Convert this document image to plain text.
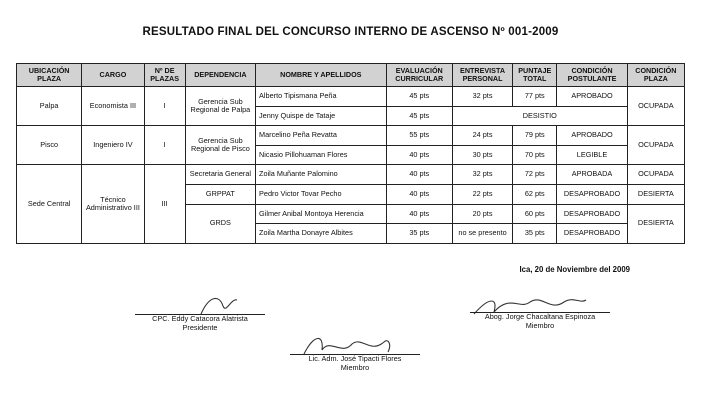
RESULTADO FINAL DEL CONCURSO INTERNO DE ASCENSO Nº 001-2009
UBICACIÓN PLAZA	CARGO	Nº DE PLAZAS	DEPENDENCIA	NOMBRE Y APELLIDOS	EVALUACIÓN CURRICULAR	ENTREVISTA PERSONAL	PUNTAJE TOTAL	CONDICIÓN POSTULANTE	CONDICIÓN PLAZA
Palpa	Economista III	I	Gerencia Sub Regional de Palpa	Alberto Tipismana Peña	45 pts	32 pts	77 pts	APROBADO	OCUPADA
				Jenny Quispe de Tataje	45 pts	DESISTIO			
Pisco	Ingeniero IV	I	Gerencia Sub Regional de Pisco	Marcelino Peña Revatta	55 pts	24 pts	79 pts	APROBADO	OCUPADA
				Nicasio Pillohuaman Flores	40 pts	30 pts	70 pts	LEGIBLE	
Sede Central	Técnico Administrativo III	III	Secretaria General	Zoila Muñante Palomino	40 pts	32 pts	72 pts	APROBADA	OCUPADA
			GRPPAT	Pedro Victor Tovar Pecho	40 pts	22 pts	62 pts	DESAPROBADO	DESIERTA
			GRDS	Gilmer Anibal Montoya Herencia	40 pts	20 pts	60 pts	DESAPROBADO	DESIERTA
				Zoila Martha Donayre Albites	35 pts	no se presento	35 pts	DESAPROBADO	
Ica, 20 de Noviembre del 2009
CPC. Eddy Catacora Alatrista
Presidente
Abog. Jorge Chacaltana Espinoza
Miembro
Lic. Adm. José Tipacti Flores
Miembro
